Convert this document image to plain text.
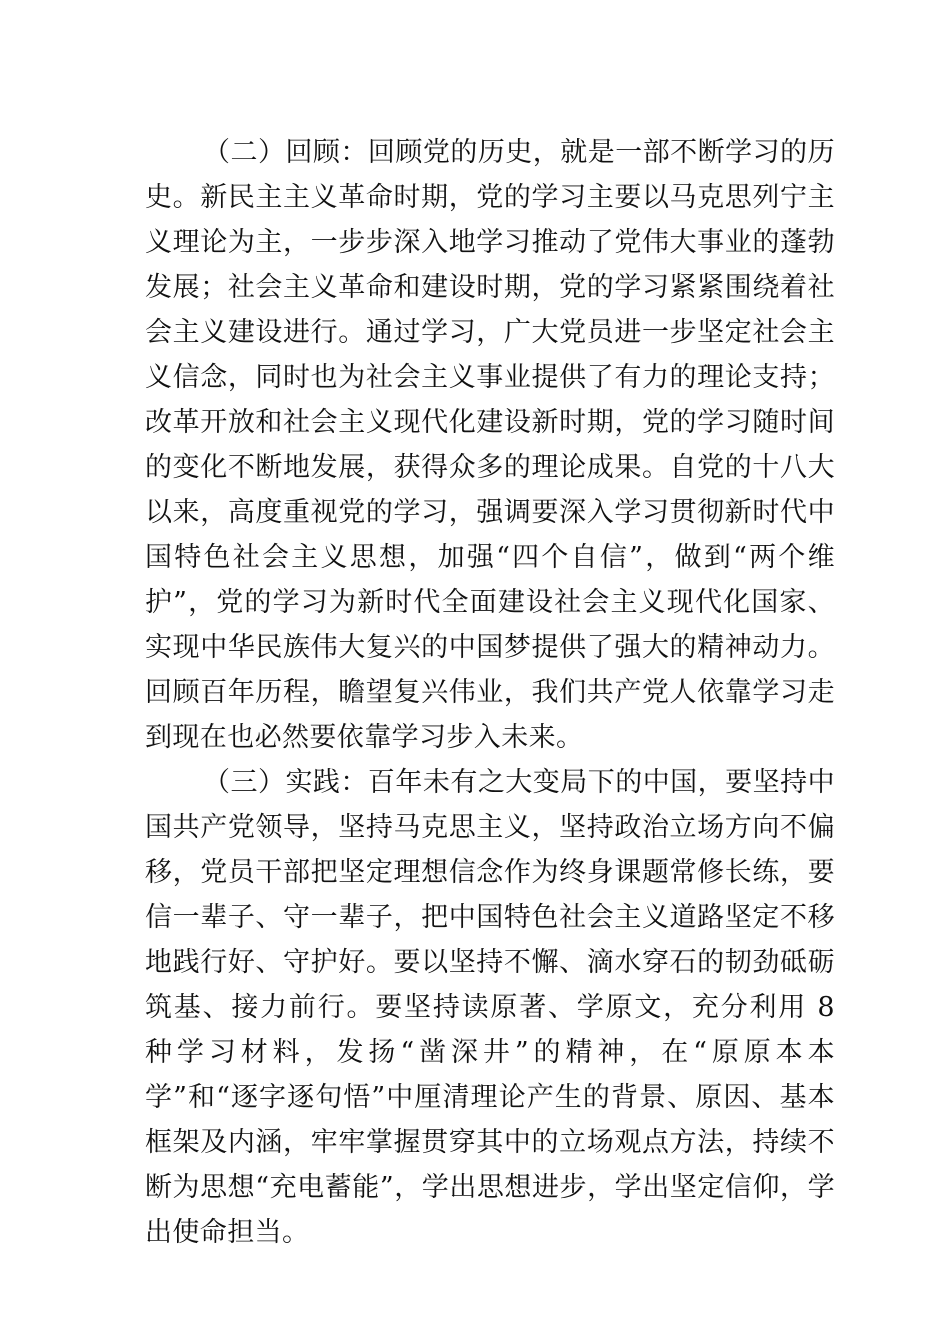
（二）回顾：回顾党的历史，就是一部不断学习的历史。新民主主义革命时期，党的学习主要以马克思列宁主义理论为主，一步步深入地学习推动了党伟大事业的蓬勃发展；社会主义革命和建设时期，党的学习紧紧围绕着社会主义建设进行。通过学习，广大党员进一步坚定社会主义信念，同时也为社会主义事业提供了有力的理论支持；改革开放和社会主义现代化建设新时期，党的学习随时间的变化不断地发展，获得众多的理论成果。自党的十八大以来，高度重视党的学习，强调要深入学习贯彻新时代中国特色社会主义思想，加强“四个自信”，做到“两个维护”，党的学习为新时代全面建设社会主义现代化国家、实现中华民族伟大复兴的中国梦提供了强大的精神动力。回顾百年历程，瞻望复兴伟业，我们共产党人依靠学习走到现在也必然要依靠学习步入未来。

（三）实践：百年未有之大变局下的中国，要坚持中国共产党领导，坚持马克思主义，坚持政治立场方向不偏移，党员干部把坚定理想信念作为终身课题常修长练，要信一辈子、守一辈子，把中国特色社会主义道路坚定不移地践行好、守护好。要以坚持不懈、滴水穿石的韧劲砥砺筑基、接力前行。要坚持读原著、学原文，充分利用 8 种学习材料，发扬“凿深井”的精神，在“原原本本学”和“逐字逐句悟”中厘清理论产生的背景、原因、基本框架及内涵，牢牢掌握贯穿其中的立场观点方法，持续不断为思想“充电蓄能”，学出思想进步，学出坚定信仰，学出使命担当。
